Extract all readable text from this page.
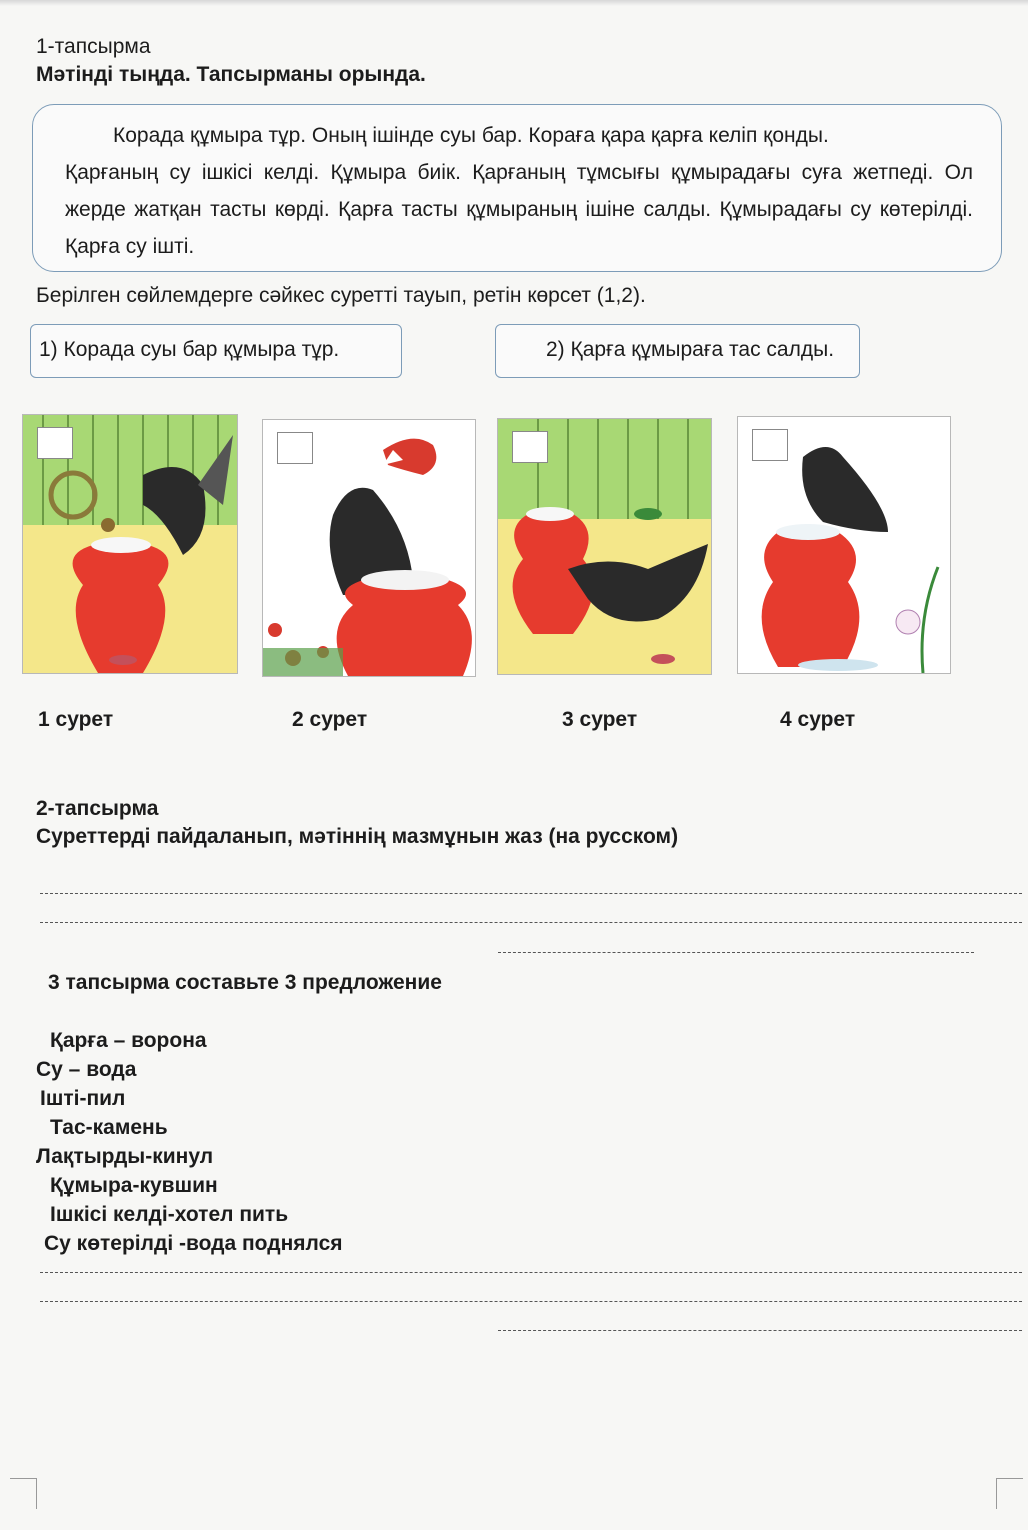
1-тапсырма
Мәтінді тыңда. Тапсырманы орында.
Корада құмыра тұр. Оның ішінде суы бар. Кораға қара қарға келіп қонды.
Қарғаның су ішкісі келді. Құмыра биік. Қарғаның тұмсығы құмырадағы суға жетпеді. Ол жерде жатқан тасты көрді. Қарға тасты құмыраның ішіне салды. Құмырадағы су көтерілді. Қарға су ішті.
Берілген сөйлемдерге сәйкес суретті тауып, ретін көрсет (1,2).
1) Корада суы бар құмыра тұр.	2) Қарға құмыраға тас салды.
1 сурет	2 сурет	3 сурет	4 сурет
2-тапсырма
Суреттерді пайдаланып, мәтіннің мазмұнын жаз (на русском)
3 тапсырма составьте 3 предложение
Қарға – ворона
Су – вода
Ішті-пил
Тас-камень
Лақтырды-кинул
Құмыра-кувшин
Ішкісі келді-хотел пить
Су көтерілді -вода поднялся
